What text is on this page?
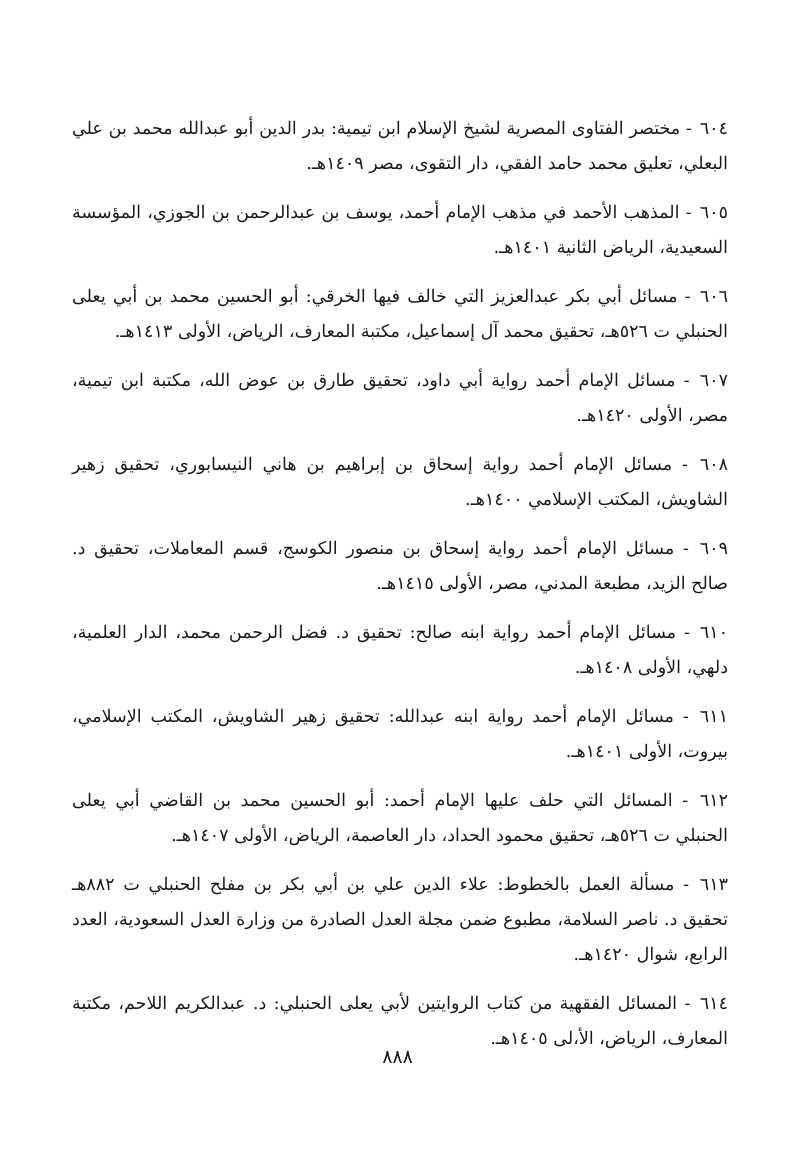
٦٠٤ - مختصر الفتاوى المصرية لشيخ الإسلام ابن تيمية: بدر الدين أبو عبدالله محمد بن علي البعلي، تعليق محمد حامد الفقي، دار التقوى، مصر ١٤٠٩هـ.

٦٠٥ - المذهب الأحمد في مذهب الإمام أحمد، يوسف بن عبدالرحمن بن الجوزي، المؤسسة السعيدية، الرياض الثانية ١٤٠١هـ.

٦٠٦ - مسائل أبي بكر عبدالعزيز التي خالف فيها الخرقي: أبو الحسين محمد بن أبي يعلى الحنبلي ت ٥٢٦هـ، تحقيق محمد آل إسماعيل، مكتبة المعارف، الرياض، الأولى ١٤١٣هـ.

٦٠٧ - مسائل الإمام أحمد رواية أبي داود، تحقيق طارق بن عوض الله، مكتبة ابن تيمية، مصر، الأولى ١٤٢٠هـ.

٦٠٨ - مسائل الإمام أحمد رواية إسحاق بن إبراهيم بن هاني النيسابوري، تحقيق زهير الشاويش، المكتب الإسلامي ١٤٠٠هـ.

٦٠٩ - مسائل الإمام أحمد رواية إسحاق بن منصور الكوسج، قسم المعاملات، تحقيق د. صالح الزيد، مطبعة المدني، مصر، الأولى ١٤١٥هـ.

٦١٠ - مسائل الإمام أحمد رواية ابنه صالح: تحقيق د. فضل الرحمن محمد، الدار العلمية، دلهي، الأولى ١٤٠٨هـ.

٦١١ - مسائل الإمام أحمد رواية ابنه عبدالله: تحقيق زهير الشاويش، المكتب الإسلامي، بيروت، الأولى ١٤٠١هـ.

٦١٢ - المسائل التي حلف عليها الإمام أحمد: أبو الحسين محمد بن القاضي أبي يعلى الحنبلي ت ٥٢٦هـ، تحقيق محمود الحداد، دار العاصمة، الرياض، الأولى ١٤٠٧هـ.

٦١٣ - مسألة العمل بالخطوط: علاء الدين علي بن أبي بكر بن مفلح الحنبلي ت ٨٨٢هـ تحقيق د. ناصر السلامة، مطبوع ضمن مجلة العدل الصادرة من وزارة العدل السعودية، العدد الرابع، شوال ١٤٢٠هـ.

٦١٤ - المسائل الفقهية من كتاب الروايتين لأبي يعلى الحنبلي: د. عبدالكريم اللاحم، مكتبة المعارف، الرياض، الأ،لى ١٤٠٥هـ.

٨٨٨
